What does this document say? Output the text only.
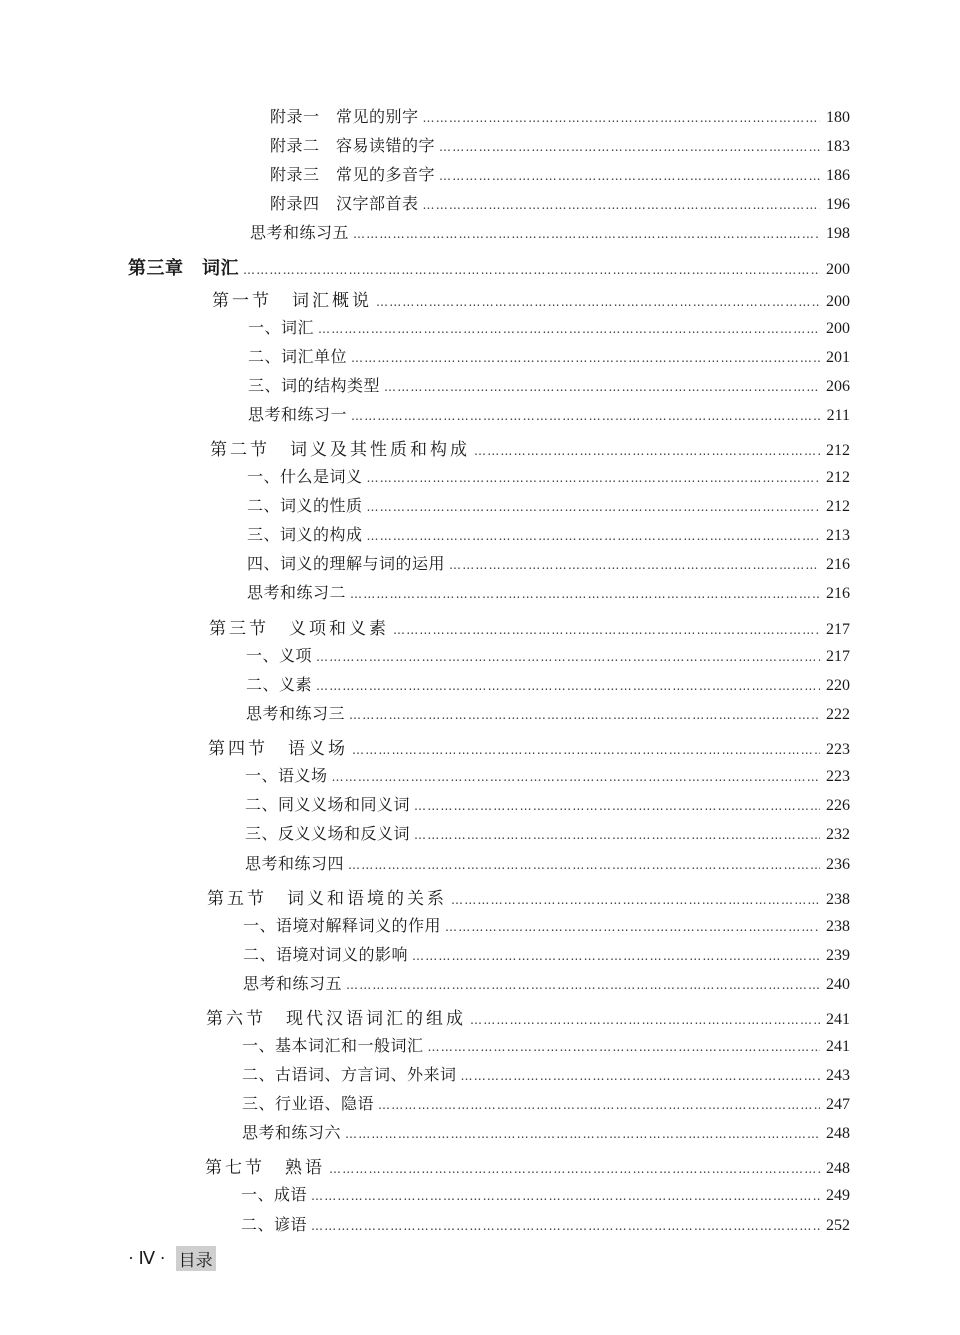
附录一　常见的别字 ……………………………………………………………………………………………………………………………………………………………………………………………………	180
附录二　容易读错的字 ……………………………………………………………………………………………………………………………………………………………………………………………………	183
附录三　常见的多音字 ……………………………………………………………………………………………………………………………………………………………………………………………………	186
附录四　汉字部首表 ……………………………………………………………………………………………………………………………………………………………………………………………………	196
思考和练习五 ……………………………………………………………………………………………………………………………………………………………………………………………………	198
第三章　词汇 ……………………………………………………………………………………………………………………………………………………………………………………………………	200
第一节　词汇概说 ……………………………………………………………………………………………………………………………………………………………………………………………………	200
一、词汇 ……………………………………………………………………………………………………………………………………………………………………………………………………	200
二、词汇单位 ……………………………………………………………………………………………………………………………………………………………………………………………………	201
三、词的结构类型 ……………………………………………………………………………………………………………………………………………………………………………………………………	206
思考和练习一 ……………………………………………………………………………………………………………………………………………………………………………………………………	211
第二节　词义及其性质和构成 ……………………………………………………………………………………………………………………………………………………………………………………………………	212
一、什么是词义 ……………………………………………………………………………………………………………………………………………………………………………………………………	212
二、词义的性质 ……………………………………………………………………………………………………………………………………………………………………………………………………	212
三、词义的构成 ……………………………………………………………………………………………………………………………………………………………………………………………………	213
四、词义的理解与词的运用 ……………………………………………………………………………………………………………………………………………………………………………………………………	216
思考和练习二 ……………………………………………………………………………………………………………………………………………………………………………………………………	216
第三节　义项和义素 ……………………………………………………………………………………………………………………………………………………………………………………………………	217
一、义项 ……………………………………………………………………………………………………………………………………………………………………………………………………	217
二、义素 ……………………………………………………………………………………………………………………………………………………………………………………………………	220
思考和练习三 ……………………………………………………………………………………………………………………………………………………………………………………………………	222
第四节　语义场 ……………………………………………………………………………………………………………………………………………………………………………………………………	223
一、语义场 ……………………………………………………………………………………………………………………………………………………………………………………………………	223
二、同义义场和同义词 ……………………………………………………………………………………………………………………………………………………………………………………………………	226
三、反义义场和反义词 ……………………………………………………………………………………………………………………………………………………………………………………………………	232
思考和练习四 ……………………………………………………………………………………………………………………………………………………………………………………………………	236
第五节　词义和语境的关系 ……………………………………………………………………………………………………………………………………………………………………………………………………	238
一、语境对解释词义的作用 ……………………………………………………………………………………………………………………………………………………………………………………………………	238
二、语境对词义的影响 ……………………………………………………………………………………………………………………………………………………………………………………………………	239
思考和练习五 ……………………………………………………………………………………………………………………………………………………………………………………………………	240
第六节　现代汉语词汇的组成 ……………………………………………………………………………………………………………………………………………………………………………………………………	241
一、基本词汇和一般词汇 ……………………………………………………………………………………………………………………………………………………………………………………………………	241
二、古语词、方言词、外来词 ……………………………………………………………………………………………………………………………………………………………………………………………………	243
三、行业语、隐语 ……………………………………………………………………………………………………………………………………………………………………………………………………	247
思考和练习六 ……………………………………………………………………………………………………………………………………………………………………………………………………	248
第七节　熟语 ……………………………………………………………………………………………………………………………………………………………………………………………………	248
一、成语 ……………………………………………………………………………………………………………………………………………………………………………………………………	249
二、谚语 ……………………………………………………………………………………………………………………………………………………………………………………………………	252
· Ⅳ · 目录
